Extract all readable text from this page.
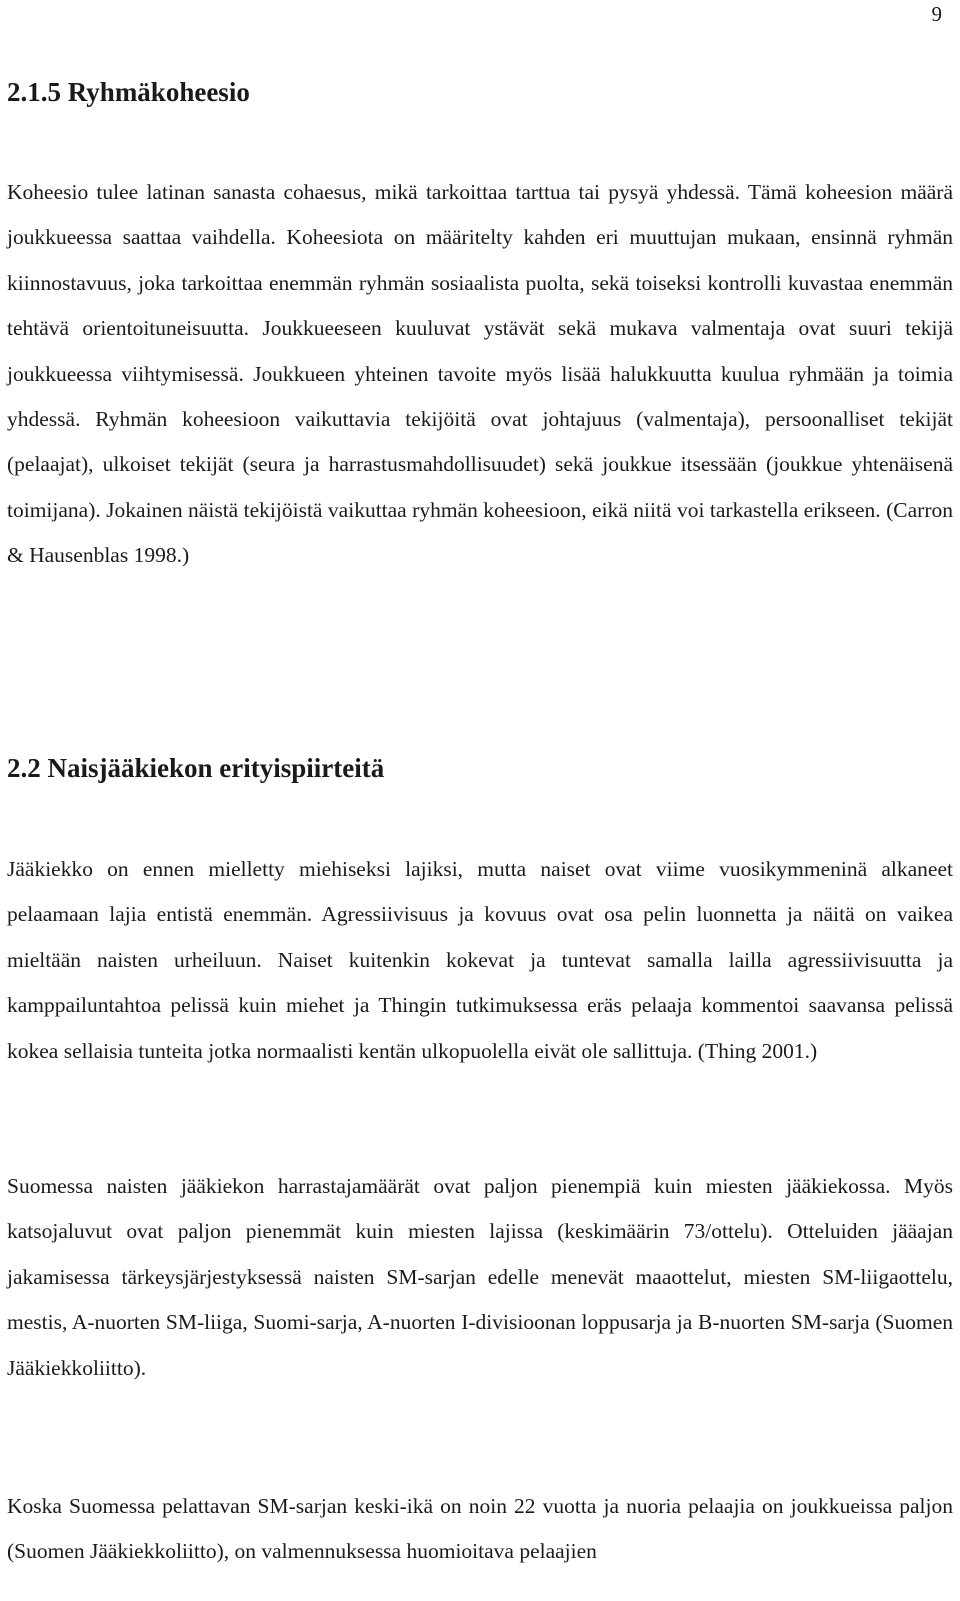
9
2.1.5 Ryhmäkoheesio

Koheesio tulee latinan sanasta cohaesus, mikä tarkoittaa tarttua tai pysyä yhdessä. Tämä koheesion määrä joukkueessa saattaa vaihdella. Koheesiota on määritelty kahden eri muuttujan mukaan, ensinnä ryhmän kiinnostavuus, joka tarkoittaa enemmän ryhmän sosiaalista puolta, sekä toiseksi kontrolli kuvastaa enemmän tehtävä orientoituneisuutta. Joukkueeseen kuuluvat ystävät sekä mukava valmentaja ovat suuri tekijä joukkueessa viihtymisessä. Joukkueen yhteinen tavoite myös lisää halukkuutta kuulua ryhmään ja toimia yhdessä. Ryhmän koheesioon vaikuttavia tekijöitä ovat johtajuus (valmentaja), persoonalliset tekijät (pelaajat), ulkoiset tekijät (seura ja harrastusmahdollisuudet) sekä joukkue itsessään (joukkue yhtenäisenä toimijana). Jokainen näistä tekijöistä vaikuttaa ryhmän koheesioon, eikä niitä voi tarkastella erikseen. (Carron & Hausenblas 1998.)

2.2 Naisjääkiekon erityispiirteitä

Jääkiekko on ennen mielletty miehiseksi lajiksi, mutta naiset ovat viime vuosikymmeninä alkaneet pelaamaan lajia entistä enemmän. Agressiivisuus ja kovuus ovat osa pelin luonnetta ja näitä on vaikea mieltään naisten urheiluun. Naiset kuitenkin kokevat ja tuntevat samalla lailla agressiivisuutta ja kamppailuntahtoa pelissä kuin miehet ja Thingin tutkimuksessa eräs pelaaja kommentoi saavansa pelissä kokea sellaisia tunteita jotka normaalisti kentän ulkopuolella eivät ole sallittuja. (Thing 2001.)

Suomessa naisten jääkiekon harrastajamäärät ovat paljon pienempiä kuin miesten jääkiekossa. Myös katsojaluvut ovat paljon pienemmät kuin miesten lajissa (keskimäärin 73/ottelu). Otteluiden jääajan jakamisessa tärkeysjärjestyksessä naisten SM-sarjan edelle menevät maaottelut, miesten SM-liigaottelu, mestis, A-nuorten SM-liiga, Suomi-sarja, A-nuorten I-divisioonan loppusarja ja B-nuorten SM-sarja (Suomen Jääkiekkoliitto).

Koska Suomessa pelattavan SM-sarjan keski-ikä on noin 22 vuotta ja nuoria pelaajia on joukkueissa paljon (Suomen Jääkiekkoliitto), on valmennuksessa huomioitava pelaajien
